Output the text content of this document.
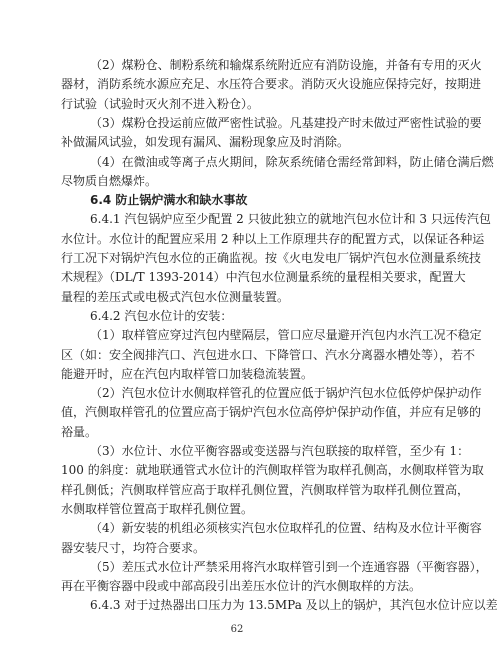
（2）煤粉仓、制粉系统和输煤系统附近应有消防设施，并备有专用的灭火
器材，消防系统水源应充足、水压符合要求。消防灭火设施应保持完好，按期进
行试验（试验时灭火剂不进入粉仓）。
（3）煤粉仓投运前应做严密性试验。凡基建投产时未做过严密性试验的要
补做漏风试验，如发现有漏风、漏粉现象应及时消除。
（4）在微油或等离子点火期间，除灰系统储仓需经常卸料，防止储仓满后燃
尽物质自燃爆炸。
6.4 防止锅炉满水和缺水事故
6.4.1 汽包锅炉应至少配置 2 只彼此独立的就地汽包水位计和 3 只远传汽包
水位计。水位计的配置应采用 2 种以上工作原理共存的配置方式，以保证各种运
行工况下对锅炉汽包水位的正确监视。按《火电发电厂锅炉汽包水位测量系统技
术规程》（DL/T 1393-2014）中汽包水位测量系统的量程相关要求，配置大
量程的差压式或电极式汽包水位测量装置。
6.4.2 汽包水位计的安装：
（1）取样管应穿过汽包内壁隔层，管口应尽量避开汽包内水汽工况不稳定
区（如：安全阀排汽口、汽包进水口、下降管口、汽水分离器水槽处等），若不
能避开时，应在汽包内取样管口加装稳流装置。
（2）汽包水位计水侧取样管孔的位置应低于锅炉汽包水位低停炉保护动作
值，汽侧取样管孔的位置应高于锅炉汽包水位高停炉保护动作值，并应有足够的
裕量。
（3）水位计、水位平衡容器或变送器与汽包联接的取样管，至少有 1：
100 的斜度：就地联通管式水位计的汽侧取样管为取样孔侧高，水侧取样管为取
样孔侧低；汽侧取样管应高于取样孔侧位置，汽侧取样管为取样孔侧位置高，
水侧取样管位置高于取样孔侧位置。
（4）新安装的机组必须核实汽包水位取样孔的位置、结构及水位计平衡容
器安装尺寸，均符合要求。
（5）差压式水位计严禁采用将汽水取样管引到一个连通容器（平衡容器），
再在平衡容器中段或中部高段引出差压水位计的汽水侧取样的方法。
6.4.3 对于过热器出口压力为 13.5MPa 及以上的锅炉，其汽包水位计应以差
62
